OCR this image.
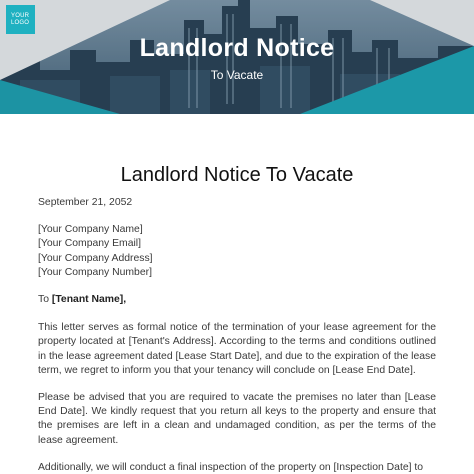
YOUR
LOGO
Landlord Notice
To Vacate
Landlord Notice To Vacate

September 21, 2052

[Your Company Name]
[Your Company Email]
[Your Company Address]
[Your Company Number]

To [Tenant Name],

This letter serves as formal notice of the termination of your lease agreement for the property located at [Tenant's Address]. According to the terms and conditions outlined in the lease agreement dated [Lease Start Date], and due to the expiration of the lease term, we regret to inform you that your tenancy will conclude on [Lease End Date].

Please be advised that you are required to vacate the premises no later than [Lease End Date]. We kindly request that you return all keys to the property and ensure that the premises are left in a clean and undamaged condition, as per the terms of the lease agreement.

Additionally, we will conduct a final inspection of the property on [Inspection Date] to
